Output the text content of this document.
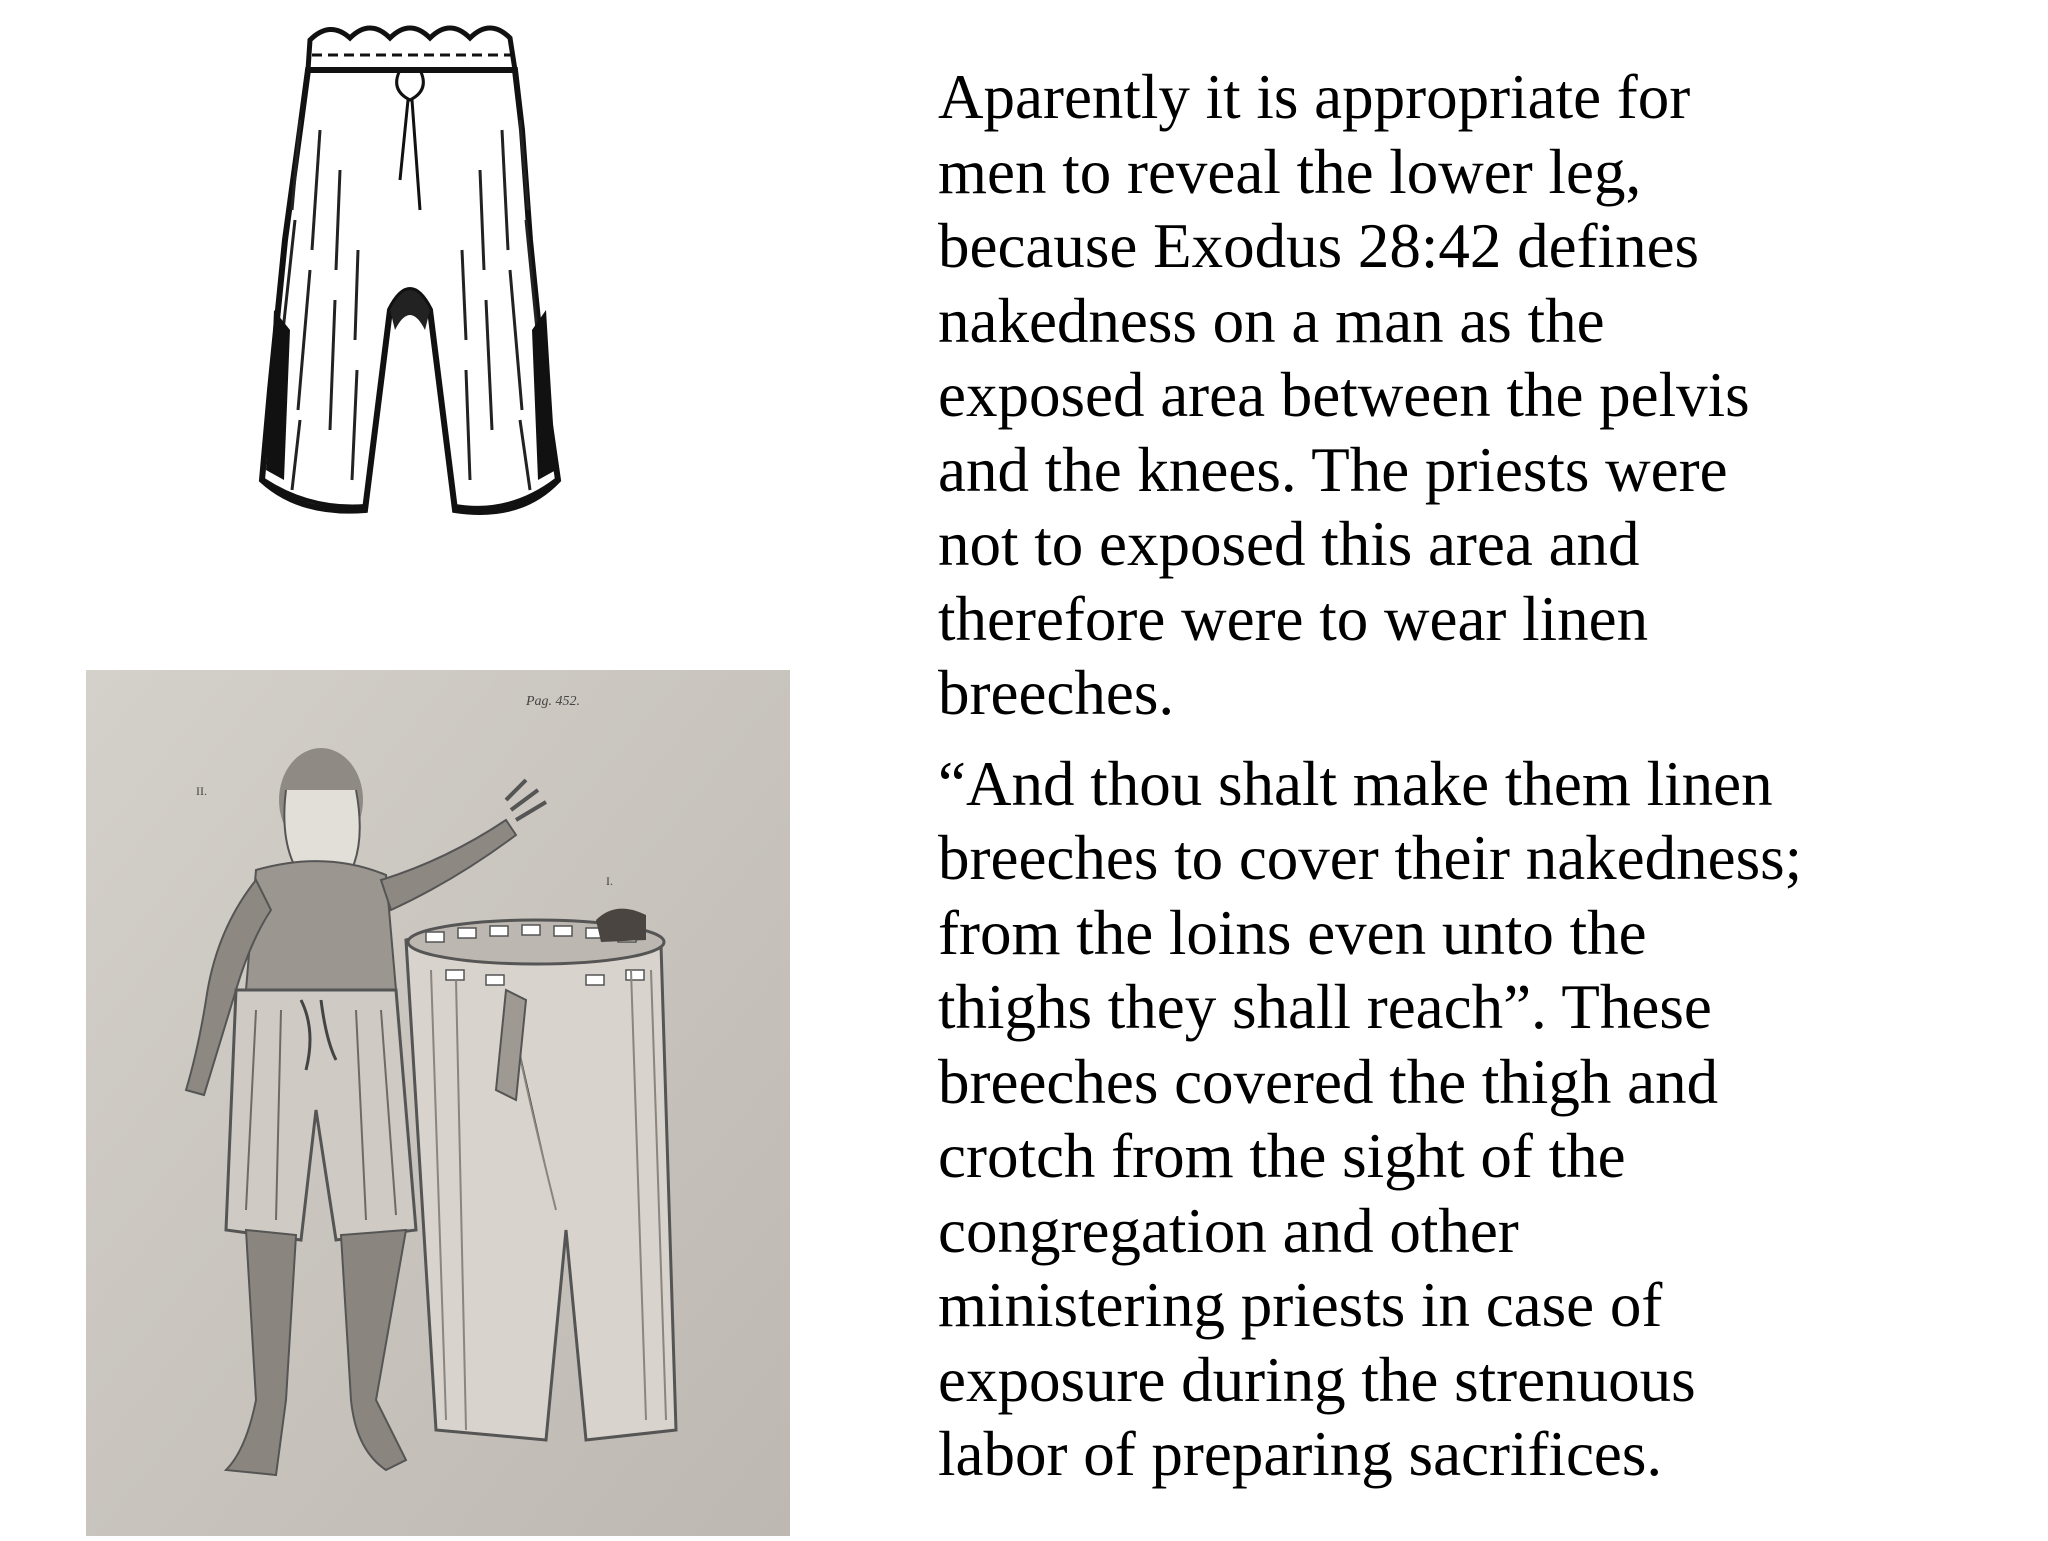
II.
I.
Pag. 452.

Aparently it is appropriate for
men to reveal the lower leg,
because Exodus 28:42 defines
nakedness on a man as the
exposed area between the pelvis
and the knees. The priests were
not to exposed this area and
therefore were to wear linen
breeches.

“And thou shalt make them linen
breeches to cover their nakedness;
from the loins even unto the
thighs they shall reach”. These
breeches covered the thigh and
crotch from the sight of the
congregation and other
ministering priests in case of
exposure during the strenuous
labor of preparing sacrifices.
